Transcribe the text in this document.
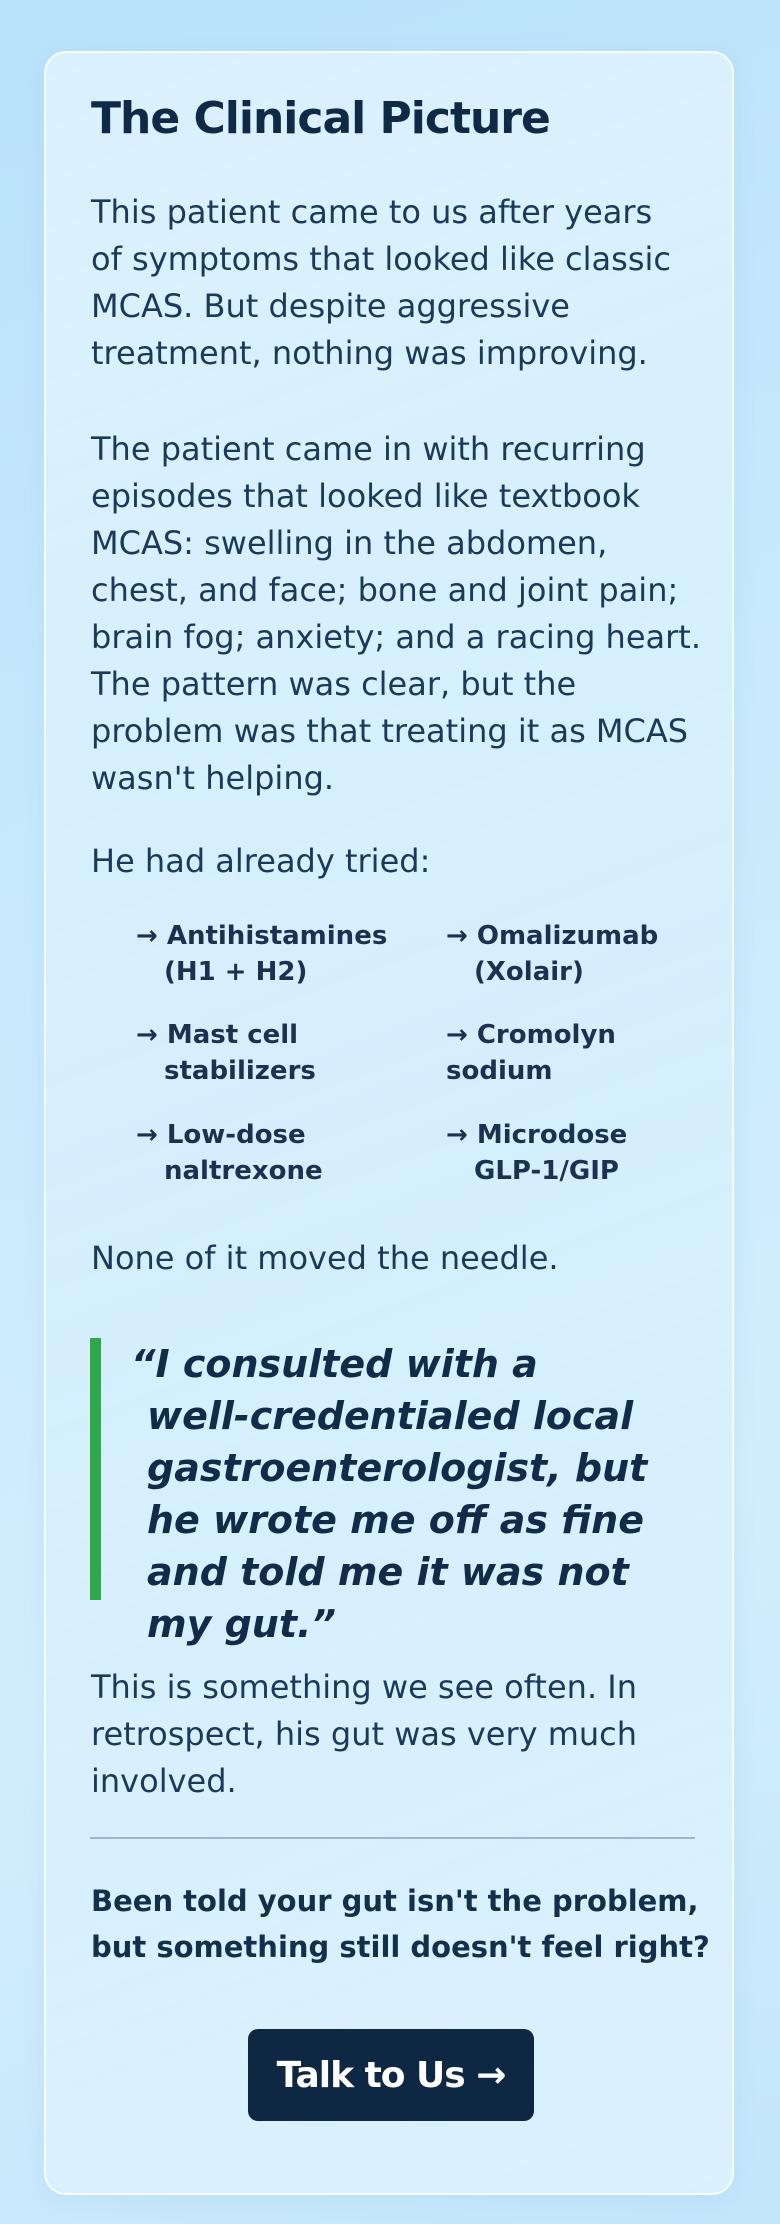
The Clinical Picture

This patient came to us after years of symptoms that looked like classic MCAS. But despite aggressive treatment, nothing was improving.

The patient came in with recurring episodes that looked like textbook MCAS: swelling in the abdomen, chest, and face; bone and joint pain; brain fog; anxiety; and a racing heart. The pattern was clear, but the problem was that treating it as MCAS wasn't helping.

He had already tried:

→ Antihistamines
(H1 + H2)
→ Omalizumab
(Xolair)
→ Mast cell
stabilizers
→ Cromolyn
sodium
→ Low-dose
naltrexone
→ Microdose
GLP-1/GIP

None of it moved the needle.

“I consulted with a
well-credentialed local gastroenterologist, but he wrote me off as fine and told me it was not my gut.”

This is something we see often. In retrospect, his gut was very much involved.

Been told your gut isn't the problem, but something still doesn't feel right?
Talk to Us →
